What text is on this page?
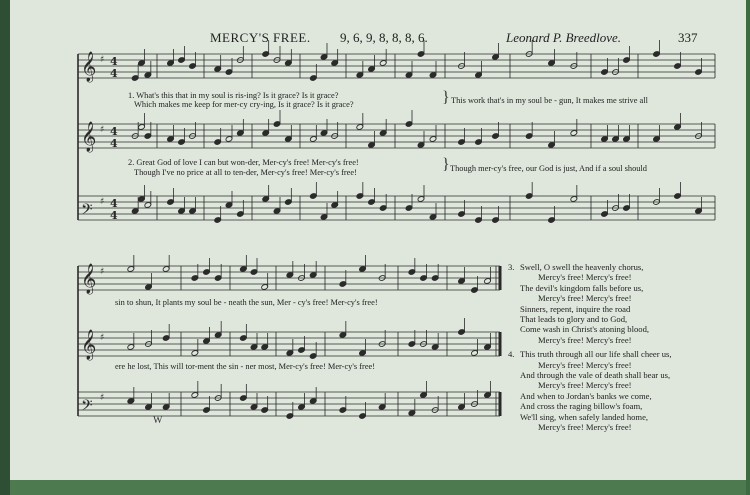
MERCY'S FREE. 9, 6, 9, 8, 8, 8, 6.	Leonard P. Breedlove.	337
𝄞 ♯ 4
4
𝄞 ♯ 4
4
𝄢 ♯ 4
4
𝄞 ♯
𝄞 ♯
𝄢 ♯
1. What's this that in my soul is ris-ing? Is it grace? Is it grace?
Which makes me keep for mer-cy cry-ing, Is it grace? Is it grace?	} This work that's in my soul be - gun, It makes me strive all
2. Great God of love I can but won-der, Mer-cy's free! Mer-cy's free!
Though I've no price at all to ten-der, Mer-cy's free! Mer-cy's free!	} Though mer-cy's free, our God is just, And if a soul should
sin to shun, It plants my soul be - neath the sun, Mer - cy's free! Mer-cy's free!
ere he lost, This will tor-ment the sin - ner most, Mer-cy's free! Mer-cy's free!
W
3. Swell, O swell the heavenly chorus,
Mercy's free! Mercy's free!
The devil's kingdom falls before us,
Mercy's free! Mercy's free!
Sinners, repent, inquire the road
That leads to glory and to God,
Come wash in Christ's atoning blood,
Mercy's free! Mercy's free!
4. This truth through all our life shall cheer us,
Mercy's free! Mercy's free!
And through the vale of death shall bear us,
Mercy's free! Mercy's free!
And when to Jordan's banks we come,
And cross the raging billow's foam,
We'll sing, when safely landed home,
Mercy's free! Mercy's free!
